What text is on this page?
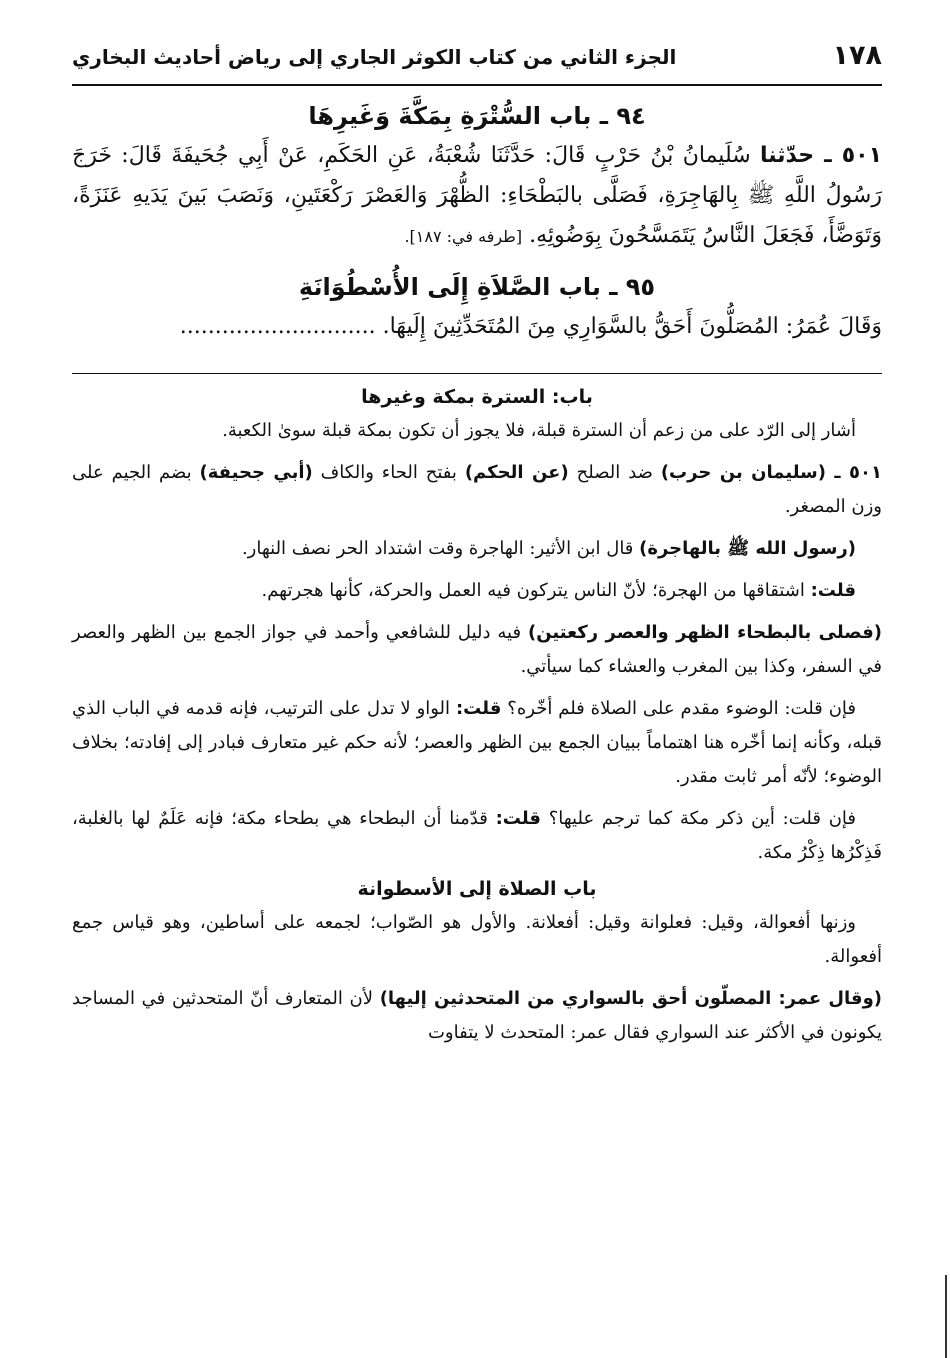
١٧٨
الجزء الثاني من كتاب الكوثر الجاري إلى رياض أحاديث البخاري
٩٤ ـ باب السُّتْرَةِ بِمَكَّةَ وَغَيرِهَا

٥٠١ ـ حدّثنا سُلَيمانُ بْنُ حَرْبٍ قَالَ: حَدَّثَنَا شُعْبَةُ، عَنِ الحَكَمِ، عَنْ أَبِي جُحَيفَةَ قَالَ: خَرَجَ رَسُولُ اللَّهِ ﷺ بِالهَاجِرَةِ، فَصَلَّى بالبَطْحَاءِ: الظُّهْرَ وَالعَصْرَ رَكْعَتَينِ، وَنَصَبَ بَينَ يَدَيهِ عَنَزَةً، وَتَوَضَّأَ، فَجَعَلَ النَّاسُ يَتَمَسَّحُونَ بِوَضُوئِهِ. [طرفه في: ١٨٧].

٩٥ ـ باب الصَّلاَةِ إِلَى الأُسْطُوَانَةِ

وَقَالَ عُمَرُ: المُصَلُّونَ أَحَقُّ بالسَّوَارِي مِنَ المُتَحَدِّثِينَ إِلَيهَا. ............................

باب: السترة بمكة وغيرها

أشار إلى الرّد على من زعم أن السترة قبلة، فلا يجوز أن تكون بمكة قبلة سوىٰ الكعبة.

٥٠١ ـ (سليمان بن حرب) ضد الصلح (عن الحكم) بفتح الحاء والكاف (أبي جحيفة) بضم الجيم على وزن المصغر.

(رسول الله ﷺ بالهاجرة) قال ابن الأثير: الهاجرة وقت اشتداد الحر نصف النهار.

قلت: اشتقاقها من الهجرة؛ لأنّ الناس يتركون فيه العمل والحركة، كأنها هجرتهم.

(فصلى بالبطحاء الظهر والعصر ركعتين) فيه دليل للشافعي وأحمد في جواز الجمع بين الظهر والعصر في السفر، وكذا بين المغرب والعشاء كما سيأتي.

فإن قلت: الوضوء مقدم على الصلاة فلم أخّره؟ قلت: الواو لا تدل على الترتيب، فإنه قدمه في الباب الذي قبله، وكأنه إنما أخّره هنا اهتماماً ببيان الجمع بين الظهر والعصر؛ لأنه حكم غير متعارف فبادر إلى إفادته؛ بخلاف الوضوء؛ لأنّه أمر ثابت مقدر.

فإن قلت: أين ذكر مكة كما ترجم عليها؟ قلت: قدّمنا أن البطحاء هي بطحاء مكة؛ فإنه عَلَمٌ لها بالغلبة، فَذِكْرُها ذِكْرُ مكة.

باب الصلاة إلى الأسطوانة

وزنها أفعوالة، وقيل: فعلوانة وقيل: أفعلانة. والأول هو الصّواب؛ لجمعه على أساطين، وهو قياس جمع أفعوالة.

(وقال عمر: المصلّون أحق بالسواري من المتحدثين إليها) لأن المتعارف أنّ المتحدثين في المساجد يكونون في الأكثر عند السواري فقال عمر: المتحدث لا يتفاوت
